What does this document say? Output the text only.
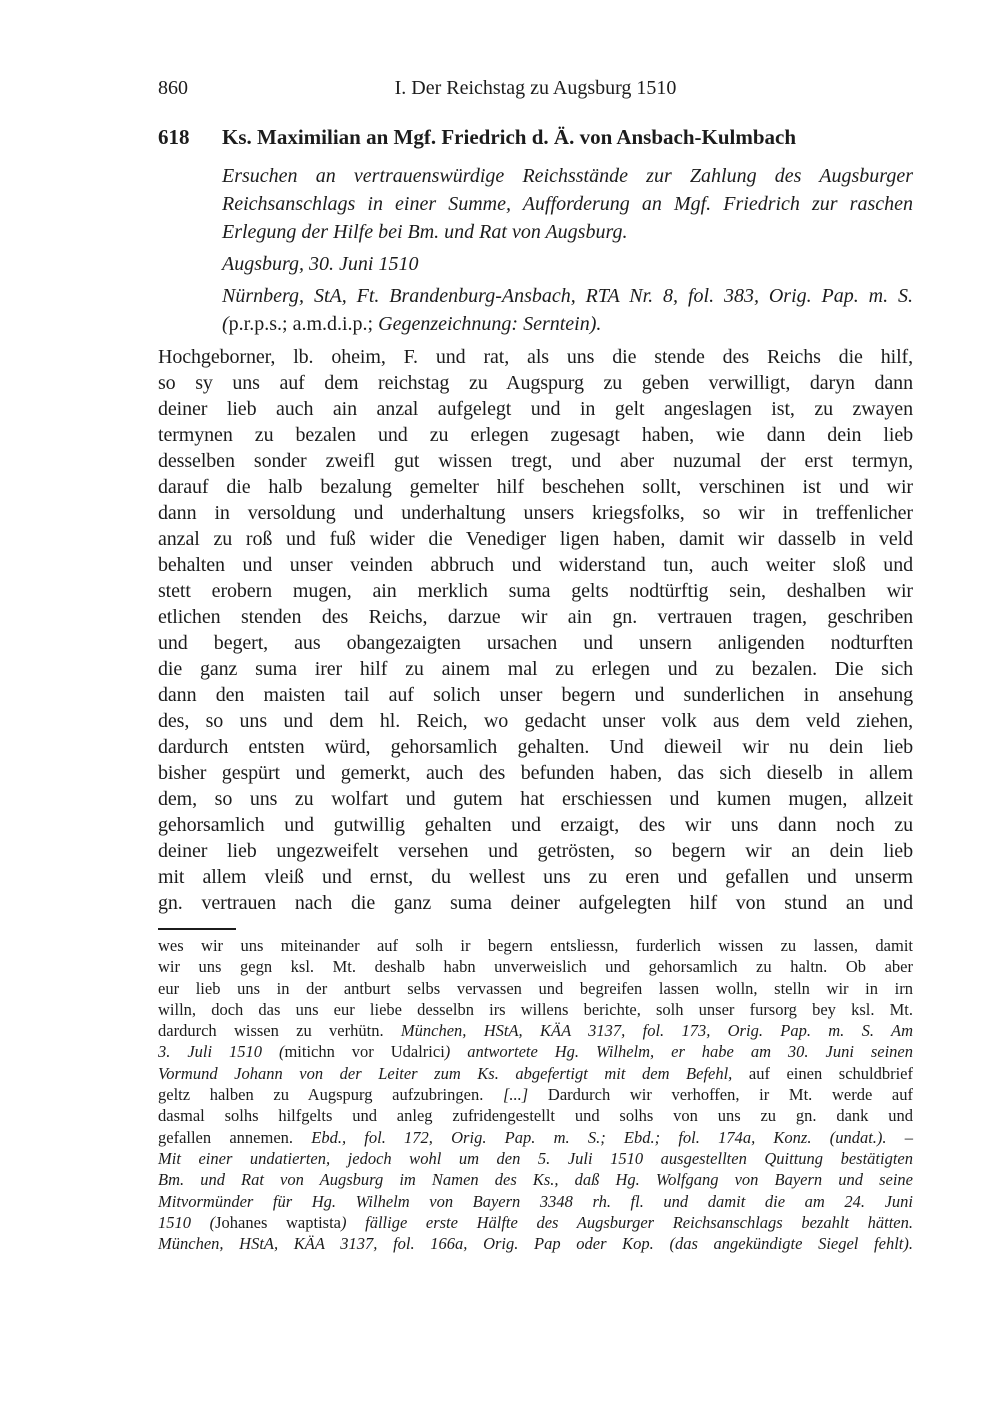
860	I. Der Reichstag zu Augsburg 1510
618	Ks. Maximilian an Mgf. Friedrich d. Ä. von Ansbach-Kulmbach
Ersuchen an vertrauenswürdige Reichsstände zur Zahlung des Augsburger
Reichsanschlags in einer Summe, Aufforderung an Mgf. Friedrich zur raschen
Erlegung der Hilfe bei Bm. und Rat von Augsburg.
Augsburg, 30. Juni 1510
Nürnberg, StA, Ft. Brandenburg-Ansbach, RTA Nr. 8, fol. 383, Orig. Pap. m. S.
(p.r.p.s.; a.m.d.i.p.; Gegenzeichnung: Serntein).
Hochgeborner, lb. oheim, F. und rat, als uns die stende des Reichs die hilf,
so sy uns auf dem reichstag zu Augspurg zu geben verwilligt, daryn dann
deiner lieb auch ain anzal aufgelegt und in gelt angeslagen ist, zu zwayen
termynen zu bezalen und zu erlegen zugesagt haben, wie dann dein lieb
desselben sonder zweifl gut wissen tregt, und aber nuzumal der erst termyn,
darauf die halb bezalung gemelter hilf beschehen sollt, verschinen ist und wir
dann in versoldung und underhaltung unsers kriegsfolks, so wir in treffenlicher
anzal zu roß und fuß wider die Venediger ligen haben, damit wir dasselb in veld
behalten und unser veinden abbruch und widerstand tun, auch weiter sloß und
stett erobern mugen, ain merklich suma gelts nodtürftig sein, deshalben wir
etlichen stenden des Reichs, darzue wir ain gn. vertrauen tragen, geschriben
und begert, aus obangezaigten ursachen und unsern anligenden nodturften
die ganz suma irer hilf zu ainem mal zu erlegen und zu bezalen. Die sich
dann den maisten tail auf solich unser begern und sunderlichen in ansehung
des, so uns und dem hl. Reich, wo gedacht unser volk aus dem veld ziehen,
dardurch entsten würd, gehorsamlich gehalten. Und dieweil wir nu dein lieb
bisher gespürt und gemerkt, auch des befunden haben, das sich dieselb in allem
dem, so uns zu wolfart und gutem hat erschiessen und kumen mugen, allzeit
gehorsamlich und gutwillig gehalten und erzaigt, des wir uns dann noch zu
deiner lieb ungezweifelt versehen und getrösten, so begern wir an dein lieb
mit allem vleiß und ernst, du wellest uns zu eren und gefallen und unserm
gn. vertrauen nach die ganz suma deiner aufgelegten hilf von stund an und
wes wir uns miteinander auf solh ir begern entsliessn, furderlich wissen zu lassen, damit
wir uns gegn ksl. Mt. deshalb habn unverweislich und gehorsamlich zu haltn. Ob aber
eur lieb uns in der antburt selbs vervassen und begreifen lassen wolln, stelln wir in irn
willn, doch das uns eur liebe desselbn irs willens berichte, solh unser fursorg bey ksl. Mt.
dardurch wissen zu verhütn. München, HStA, KÄA 3137, fol. 173, Orig. Pap. m. S. Am
3. Juli 1510 (mitichn vor Udalrici) antwortete Hg. Wilhelm, er habe am 30. Juni seinen
Vormund Johann von der Leiter zum Ks. abgefertigt mit dem Befehl, auf einen schuldbrief
geltz halben zu Augspurg aufzubringen. [...] Dardurch wir verhoffen, ir Mt. werde auf
dasmal solhs hilfgelts und anleg zufridengestellt und solhs von uns zu gn. dank und
gefallen annemen. Ebd., fol. 172, Orig. Pap. m. S.; Ebd.; fol. 174a, Konz. (undat.). –
Mit einer undatierten, jedoch wohl um den 5. Juli 1510 ausgestellten Quittung bestätigten
Bm. und Rat von Augsburg im Namen des Ks., daß Hg. Wolfgang von Bayern und seine
Mitvormünder für Hg. Wilhelm von Bayern 3348 rh. fl. und damit die am 24. Juni
1510 (Johanes waptista) fällige erste Hälfte des Augsburger Reichsanschlags bezahlt hätten.
München, HStA, KÄA 3137, fol. 166a, Orig. Pap oder Kop. (das angekündigte Siegel fehlt).
